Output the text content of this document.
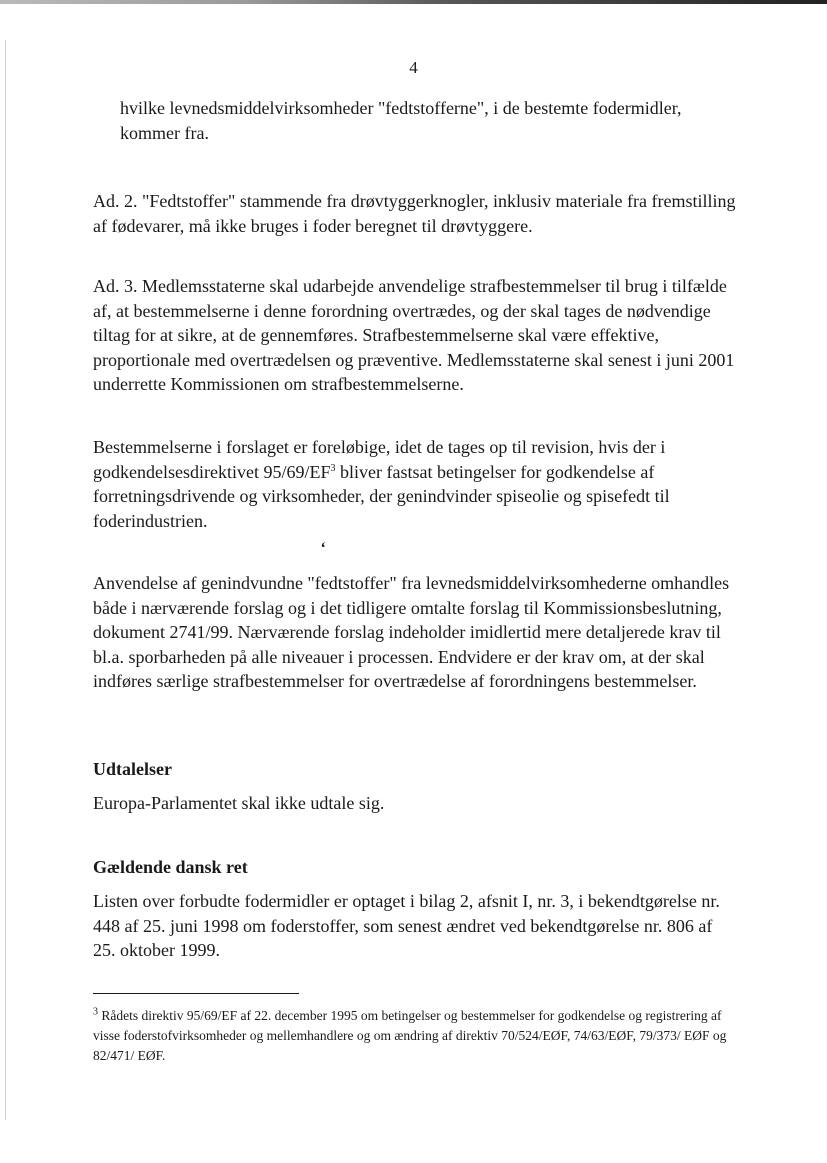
4

hvilke levnedsmiddelvirksomheder "fedtstofferne", i de bestemte fodermidler, kommer fra.

Ad. 2. "Fedtstoffer" stammende fra drøvtyggerknogler, inklusiv materiale fra fremstilling af fødevarer, må ikke bruges i foder beregnet til drøvtyggere.

Ad. 3. Medlemsstaterne skal udarbejde anvendelige strafbestemmelser til brug i tilfælde af, at bestemmelserne i denne forordning overtrædes, og der skal tages de nødvendige tiltag for at sikre, at de gennemføres. Strafbestemmelserne skal være effektive, proportionale med overtrædelsen og præventive. Medlemsstaterne skal senest i juni 2001 underrette Kommissionen om strafbestemmelserne.

Bestemmelserne i forslaget er foreløbige, idet de tages op til revision, hvis der i godkendelsesdirektivet $95/69/EF^3$ bliver fastsat betingelser for godkendelse af forretningsdrivende og virksomheder, der genindvinder spiseolie og spisefedt til foderindustrien.

‘

Anvendelse af genindvundne "fedtstoffer" fra levnedsmiddelvirksomhederne omhandles både i nærværende forslag og i det tidligere omtalte forslag til Kommissionsbeslutning, dokument 2741/99. Nærværende forslag indeholder imidlertid mere detaljerede krav til bl.a. sporbarheden på alle niveauer i processen. Endvidere er der krav om, at der skal indføres særlige strafbestemmelser for overtrædelse af forordningens bestemmelser.

Udtalelser

Europa-Parlamentet skal ikke udtale sig.

Gældende dansk ret

Listen over forbudte fodermidler er optaget i bilag 2, afsnit I, nr. 3, i bekendtgørelse nr. 448 af 25. juni 1998 om foderstoffer, som senest ændret ved bekendtgørelse nr. 806 af 25. oktober 1999.

$^3$ Rådets direktiv 95/69/EF af 22. december 1995 om betingelser og bestemmelser for godkendelse og registrering af visse foderstofvirksomheder og mellemhandlere og om ændring af direktiv 70/524/EØF, 74/63/EØF, 79/373/ EØF og 82/471/ EØF.
